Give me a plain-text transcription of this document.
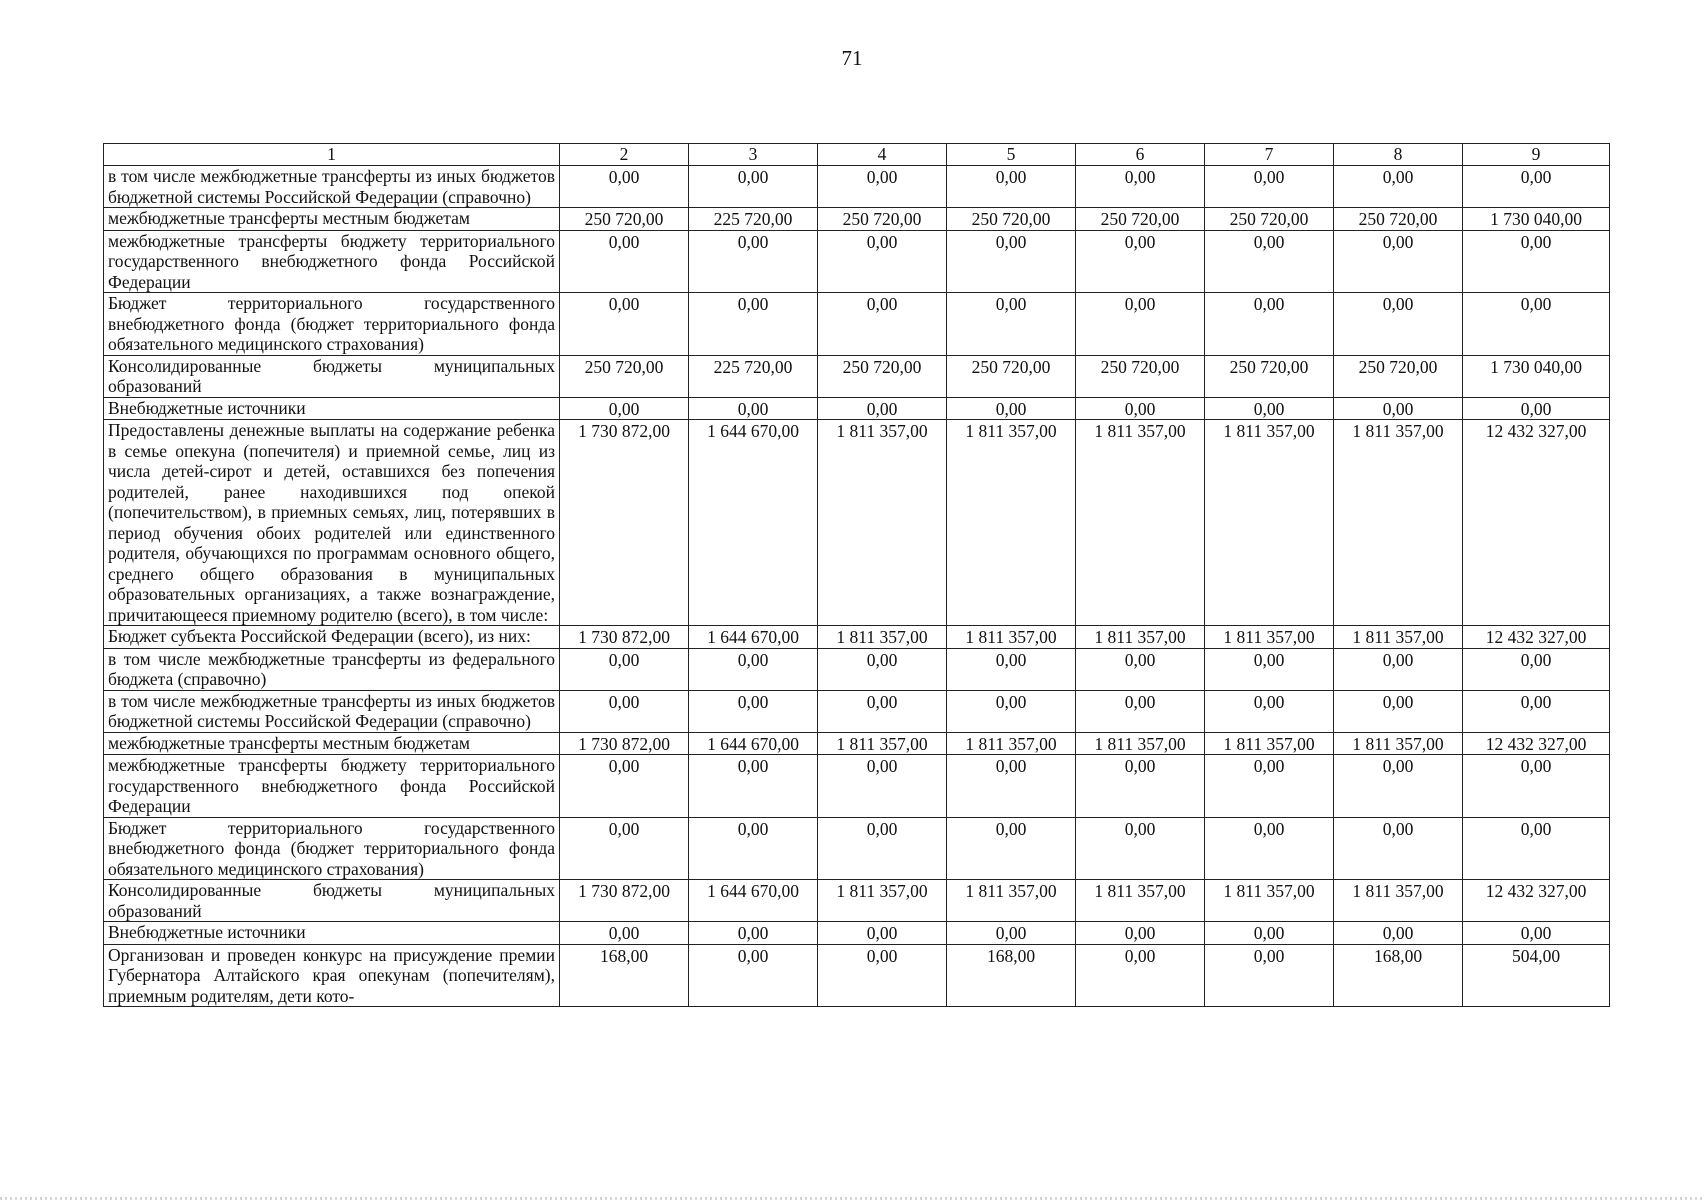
71
1	2	3	4	5	6	7	8	9
в том числе межбюджетные трансферты из иных бюджетов бюджетной системы Российской Федерации (справочно)	0,00	0,00	0,00	0,00	0,00	0,00	0,00	0,00
межбюджетные трансферты местным бюджетам	250 720,00	225 720,00	250 720,00	250 720,00	250 720,00	250 720,00	250 720,00	1 730 040,00
межбюджетные трансферты бюджету территориального государственного внебюджетного фонда Российской Федерации	0,00	0,00	0,00	0,00	0,00	0,00	0,00	0,00
Бюджет территориального государственного внебюджетного фонда (бюджет территориального фонда обязательного медицинского страхования)	0,00	0,00	0,00	0,00	0,00	0,00	0,00	0,00
Консолидированные бюджеты муниципальных образований	250 720,00	225 720,00	250 720,00	250 720,00	250 720,00	250 720,00	250 720,00	1 730 040,00
Внебюджетные источники	0,00	0,00	0,00	0,00	0,00	0,00	0,00	0,00
Предоставлены денежные выплаты на содержание ребенка в семье опекуна (попечителя) и приемной семье, лиц из числа детей-сирот и детей, оставшихся без попечения родителей, ранее находившихся под опекой (попечительством), в приемных семьях, лиц, потерявших в период обучения обоих родителей или единственного родителя, обучающихся по программам основного общего, среднего общего образования в муниципальных образовательных организациях, а также вознаграждение, причитающееся приемному родителю (всего), в том числе:	1 730 872,00	1 644 670,00	1 811 357,00	1 811 357,00	1 811 357,00	1 811 357,00	1 811 357,00	12 432 327,00
Бюджет субъекта Российской Федерации (всего), из них:	1 730 872,00	1 644 670,00	1 811 357,00	1 811 357,00	1 811 357,00	1 811 357,00	1 811 357,00	12 432 327,00
в том числе межбюджетные трансферты из федерального бюджета (справочно)	0,00	0,00	0,00	0,00	0,00	0,00	0,00	0,00
в том числе межбюджетные трансферты из иных бюджетов бюджетной системы Российской Федерации (справочно)	0,00	0,00	0,00	0,00	0,00	0,00	0,00	0,00
межбюджетные трансферты местным бюджетам	1 730 872,00	1 644 670,00	1 811 357,00	1 811 357,00	1 811 357,00	1 811 357,00	1 811 357,00	12 432 327,00
межбюджетные трансферты бюджету территориального государственного внебюджетного фонда Российской Федерации	0,00	0,00	0,00	0,00	0,00	0,00	0,00	0,00
Бюджет территориального государственного внебюджетного фонда (бюджет территориального фонда обязательного медицинского страхования)	0,00	0,00	0,00	0,00	0,00	0,00	0,00	0,00
Консолидированные бюджеты муниципальных образований	1 730 872,00	1 644 670,00	1 811 357,00	1 811 357,00	1 811 357,00	1 811 357,00	1 811 357,00	12 432 327,00
Внебюджетные источники	0,00	0,00	0,00	0,00	0,00	0,00	0,00	0,00
Организован и проведен конкурс на присуждение премии Губернатора Алтайского края опекунам (попечителям), приемным родителям, дети кото-	168,00	0,00	0,00	168,00	0,00	0,00	168,00	504,00
